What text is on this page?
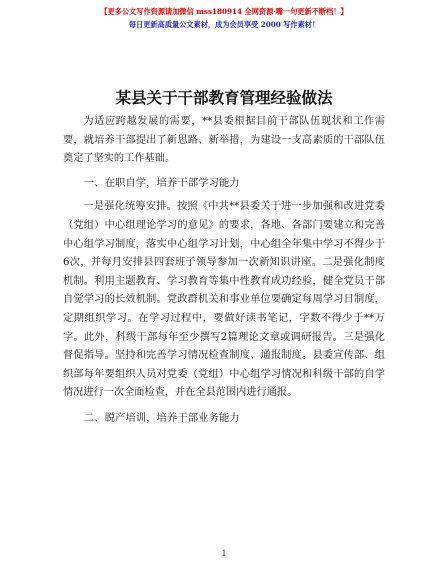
【更多公文写作资源请加微信 mss180914 全网资源·嘴一句更新不断档！】
每日更新高质量公文素材，成为会员享受 2000 写作素材！
某县关于干部教育管理经验做法

为适应跨越发展的需要，**县委根据目前干部队伍现状和工作需要，就培养干部提出了新思路、新举措，为建设一支高素质的干部队伍奠定了坚实的工作基础。

一、在职自学，培养干部学习能力

一是强化统筹安排。按照《中共**县委关于进一步加强和改进党委（党组）中心组理论学习的意见》的要求，各地、各部门要建立和完善中心组学习制度，落实中心组学习计划，中心组全年集中学习不得少于6次，并每月安排县四套班子领导参加一次新知识讲座。二是强化制度机制。利用主题教育、学习教育等集中性教育成功经验，健全党员干部自觉学习的长效机制。党政群机关和事业单位要确定每周学习日制度，定期组织学习。在学习过程中，要做好读书笔记，字数不得少于**万字。此外，科级干部每年至少撰写2篇理论文章或调研报告。三是强化督促指导。坚持和完善学习情况检查制度、通报制度。县委宣传部、组织部每年要组织人员对党委（党组）中心组学习情况和科级干部的自学情况进行一次全面检查，并在全县范围内进行通报。

二、脱产培训，培养干部业务能力

1
